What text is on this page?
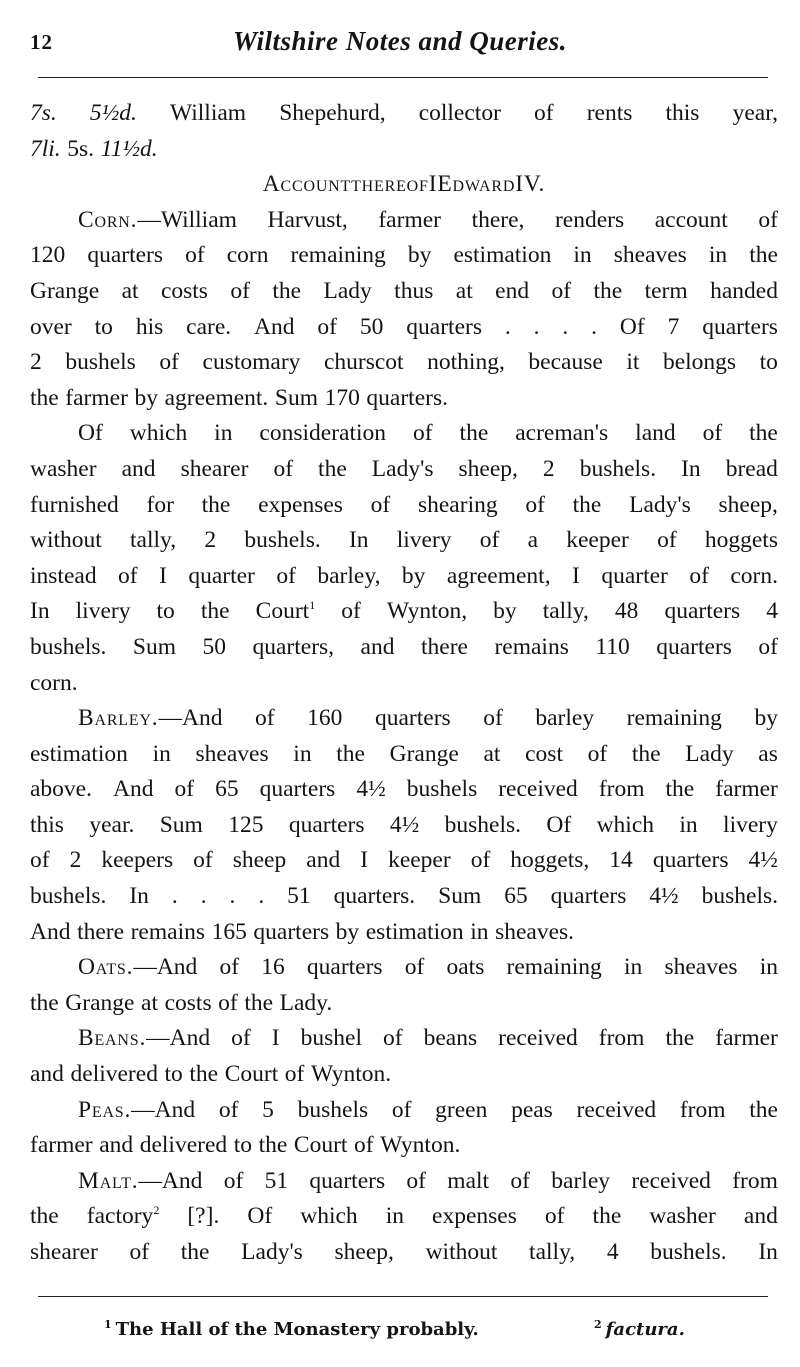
12	Wiltshire Notes and Queries.
7s. 5½d. William Shepehurd, collector of rents this year,
7li. 5s. 11½d.
Account there of I Edward IV.
Corn.—William Harvust, farmer there, renders account of
120 quarters of corn remaining by estimation in sheaves in the
Grange at costs of the Lady thus at end of the term handed
over to his care. And of 50 quarters . . . . Of 7 quarters
2 bushels of customary churscot nothing, because it belongs to
the farmer by agreement. Sum 170 quarters.
Of which in consideration of the acreman's land of the
washer and shearer of the Lady's sheep, 2 bushels. In bread
furnished for the expenses of shearing of the Lady's sheep,
without tally, 2 bushels. In livery of a keeper of hoggets
instead of I quarter of barley, by agreement, I quarter of corn.
In livery to the Court$^1$ of Wynton, by tally, 48 quarters 4
bushels. Sum 50 quarters, and there remains 110 quarters of
corn.
Barley.—And of 160 quarters of barley remaining by
estimation in sheaves in the Grange at cost of the Lady as
above. And of 65 quarters 4½ bushels received from the farmer
this year. Sum 125 quarters 4½ bushels. Of which in livery
of 2 keepers of sheep and I keeper of hoggets, 14 quarters 4½
bushels. In . . . . 51 quarters. Sum 65 quarters 4½ bushels.
And there remains 165 quarters by estimation in sheaves.
Oats.—And of 16 quarters of oats remaining in sheaves in
the Grange at costs of the Lady.
Beans.—And of I bushel of beans received from the farmer
and delivered to the Court of Wynton.
Peas.—And of 5 bushels of green peas received from the
farmer and delivered to the Court of Wynton.
Malt.—And of 51 quarters of malt of barley received from
the factory$^2$ [?]. Of which in expenses of the washer and
shearer of the Lady's sheep, without tally, 4 bushels. In
$^1$ The Hall of the Monastery probably.	$^2$ factura.
